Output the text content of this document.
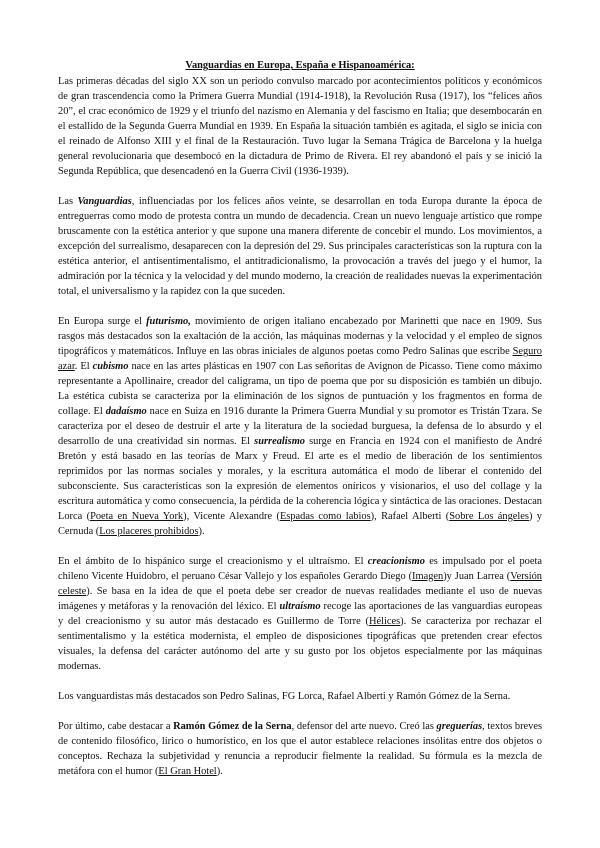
Vanguardias en Europa, España e Hispanoamérica:

Las primeras décadas del siglo XX son un periodo convulso marcado por acontecimientos políticos y económicos de gran trascendencia como la Primera Guerra Mundial (1914-1918), la Revolución Rusa (1917), los “felices años 20”, el crac económico de 1929 y el triunfo del nazismo en Alemania y del fascismo en Italia; que desembocarán en el estallido de la Segunda Guerra Mundial en 1939. En España la situación también es agitada, el siglo se inicia con el reinado de Alfonso XIII y el final de la Restauración. Tuvo lugar la Semana Trágica de Barcelona y la huelga general revolucionaria que desembocó en la dictadura de Primo de Rivera. El rey abandonó el país y se inició la Segunda República, que desencadenó en la Guerra Civil (1936-1939).

Las Vanguardias, influenciadas por los felices años veinte, se desarrollan en toda Europa durante la época de entreguerras como modo de protesta contra un mundo de decadencia. Crean un nuevo lenguaje artístico que rompe bruscamente con la estética anterior y que supone una manera diferente de concebir el mundo. Los movimientos, a excepción del surrealismo, desaparecen con la depresión del 29. Sus principales características son la ruptura con la estética anterior, el antisentimentalismo, el antitradicionalismo, la provocación a través del juego y el humor, la admiración por la técnica y la velocidad y del mundo moderno, la creación de realidades nuevas la experimentación total, el universalismo y la rapidez con la que suceden.

En Europa surge el futurismo, movimiento de origen italiano encabezado por Marinetti que nace en 1909. Sus rasgos más destacados son la exaltación de la acción, las máquinas modernas y la velocidad y el empleo de signos tipográficos y matemáticos. Influye en las obras iniciales de algunos poetas como Pedro Salinas que escribe Seguro azar. El cubismo nace en las artes plásticas en 1907 con Las señoritas de Avignon de Picasso. Tiene como máximo representante a Apollinaire, creador del caligrama, un tipo de poema que por su disposición es también un dibujo. La estética cubista se caracteriza por la eliminación de los signos de puntuación y los fragmentos en forma de collage. El dadaísmo nace en Suiza en 1916 durante la Primera Guerra Mundial y su promotor es Tristán Tzara. Se caracteriza por el deseo de destruir el arte y la literatura de la sociedad burguesa, la defensa de lo absurdo y el desarrollo de una creatividad sin normas. El surrealismo surge en Francia en 1924 con el manifiesto de André Bretón y está basado en las teorías de Marx y Freud. El arte es el medio de liberación de los sentimientos reprimidos por las normas sociales y morales, y la escritura automática el modo de liberar el contenido del subconsciente. Sus características son la expresión de elementos oníricos y visionarios, el uso del collage y la escritura automática y como consecuencia, la pérdida de la coherencia lógica y sintáctica de las oraciones. Destacan Lorca (Poeta en Nueva York), Vicente Alexandre (Espadas como labios), Rafael Alberti (Sobre Los ángeles) y Cernuda (Los placeres prohibidos).

En el ámbito de lo hispánico surge el creacionismo y el ultraísmo. El creacionismo es impulsado por el poeta chileno Vicente Huidobro, el peruano César Vallejo y los españoles Gerardo Diego (Imagen)y Juan Larrea (Versión celeste). Se basa en la idea de que el poeta debe ser creador de nuevas realidades mediante el uso de nuevas imágenes y metáforas y la renovación del léxico. El ultraísmo recoge las aportaciones de las vanguardias europeas y del creacionismo y su autor más destacado es Guillermo de Torre (Hélices). Se caracteriza por rechazar el sentimentalismo y la estética modernista, el empleo de disposiciones tipográficas que pretenden crear efectos visuales, la defensa del carácter autónomo del arte y su gusto por los objetos especialmente por las máquinas modernas.

Los vanguardistas más destacados son Pedro Salinas, FG Lorca, Rafael Alberti y Ramón Gómez de la Serna.

Por último, cabe destacar a Ramón Gómez de la Serna, defensor del arte nuevo. Creó las greguerías, textos breves de contenido filosófico, lírico o humorístico, en los que el autor establece relaciones insólitas entre dos objetos o conceptos. Rechaza la subjetividad y renuncia a reproducir fielmente la realidad. Su fórmula es la mezcla de metáfora con el humor (El Gran Hotel).
